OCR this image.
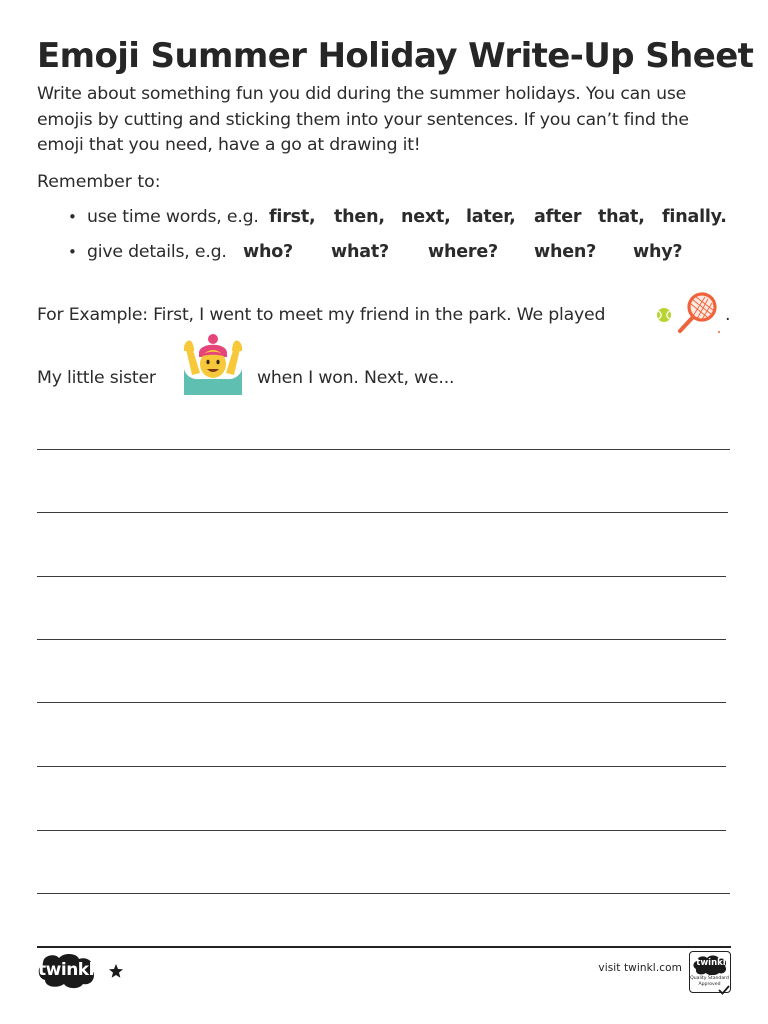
Emoji Summer Holiday Write-Up Sheet

Write about something fun you did during the summer holidays. You can use emojis by cutting and sticking them into your sentences. If you can’t find the emoji that you need, have a go at drawing it!

Remember to:

• use time words, e.g. first, then, next, later, after that, finally.
• give details, e.g. who? what? where? when? why?
For Example: First, I went to meet my friend in the park. We played	.
My little sister	when I won. Next, we...
twinkl	visit twinkl.com twinkl
Quality Standard
Approved
